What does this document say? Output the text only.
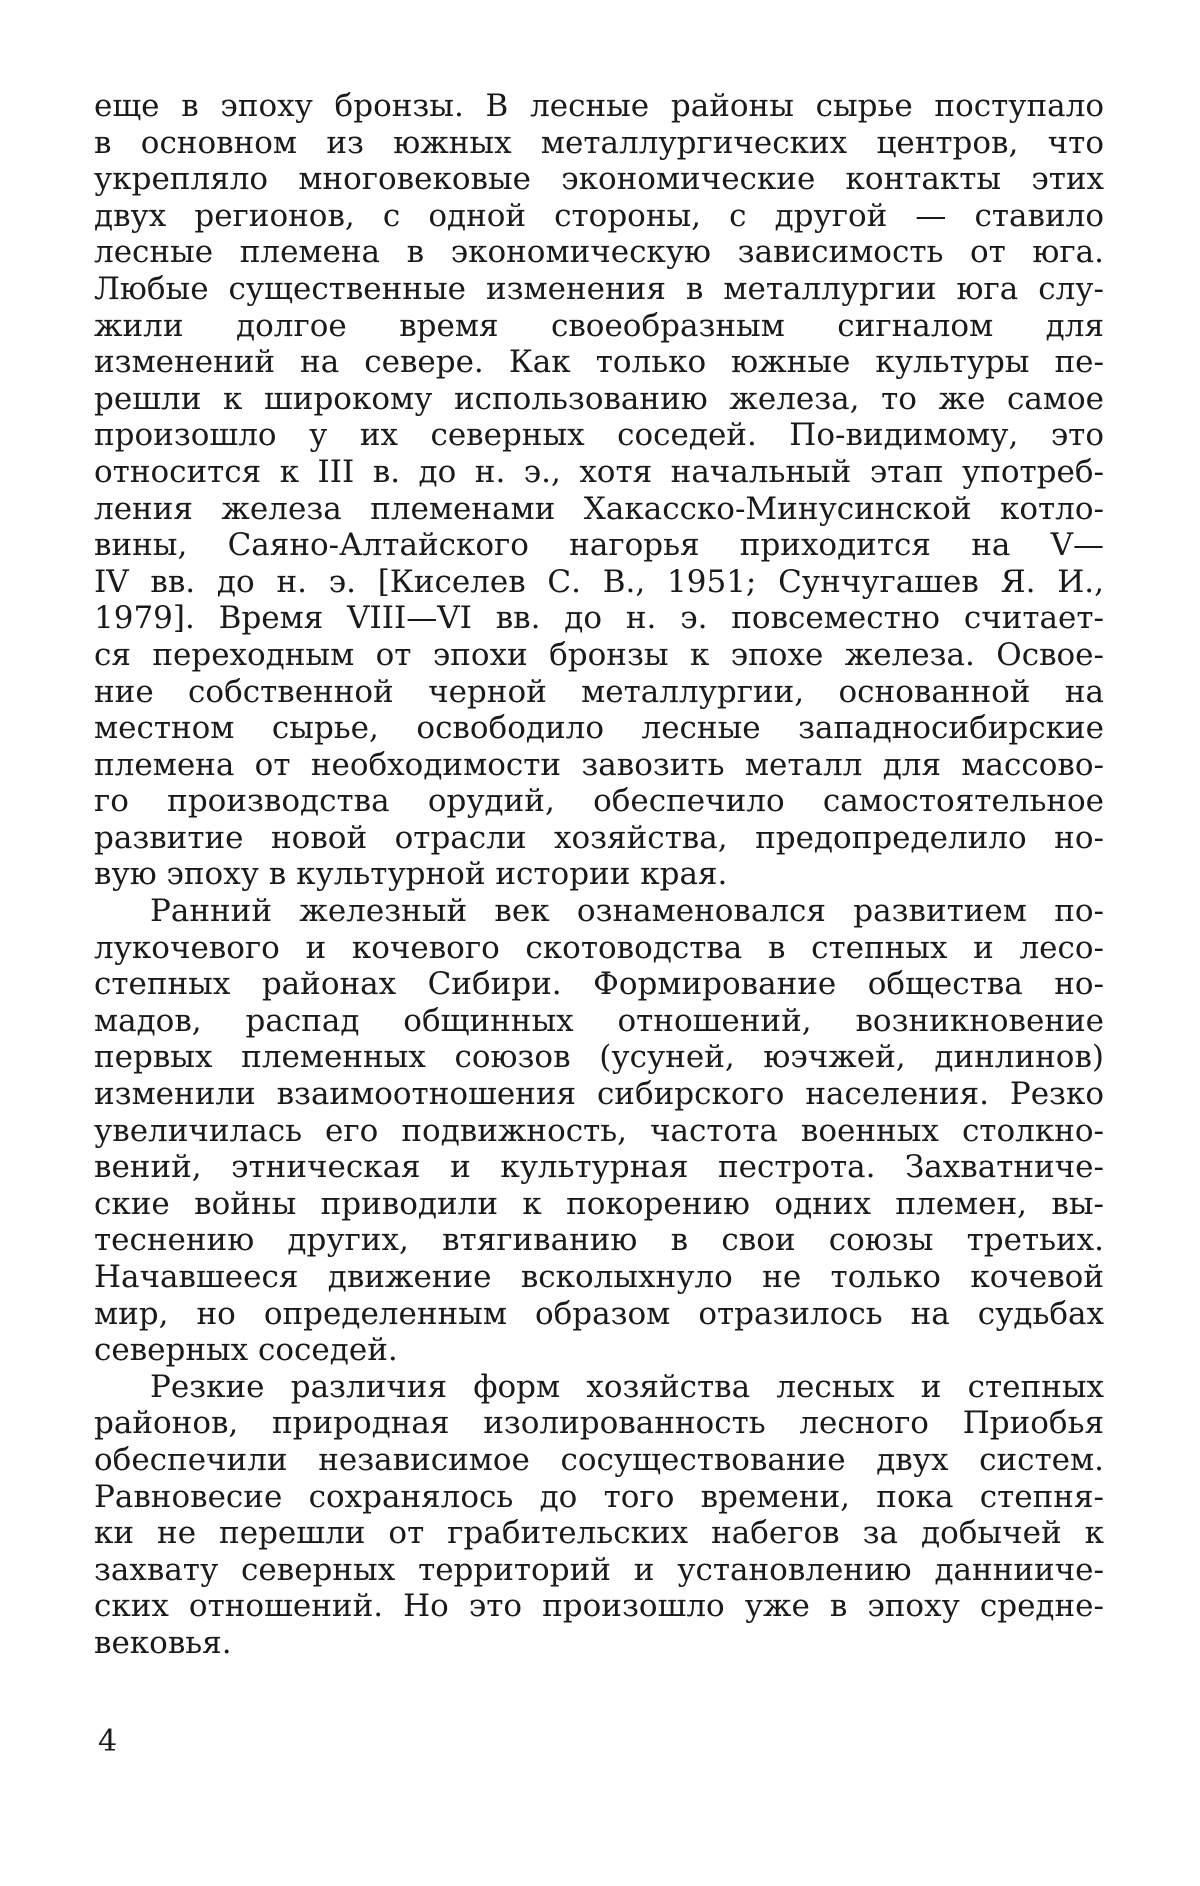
еще в эпоху бронзы. В лесные районы сырье поступало
в основном из южных металлургических центров, что
укрепляло многовековые экономические контакты этих
двух регионов, с одной стороны, с другой — ставило
лесные племена в экономическую зависимость от юга.
Любые существенные изменения в металлургии юга слу-
жили долгое время своеобразным сигналом для
изменений на севере. Как только южные культуры пе-
решли к широкому использованию железа, то же самое
произошло у их северных соседей. По-видимому, это
относится к III в. до н. э., хотя начальный этап употреб-
ления железа племенами Хакасско-Минусинской котло-
вины, Саяно-Алтайского нагорья приходится на V—
IV вв. до н. э. [Киселев С. В., 1951; Сунчугашев Я. И.,
1979]. Время VIII—VI вв. до н. э. повсеместно считает-
ся переходным от эпохи бронзы к эпохе железа. Освое-
ние собственной черной металлургии, основанной на
местном сырье, освободило лесные западносибирские
племена от необходимости завозить металл для массово-
го производства орудий, обеспечило самостоятельное
развитие новой отрасли хозяйства, предопределило но-
вую эпоху в культурной истории края.
Ранний железный век ознаменовался развитием по-
лукочевого и кочевого скотоводства в степных и лесо-
степных районах Сибири. Формирование общества но-
мадов, распад общинных отношений, возникновение
первых племенных союзов (усуней, юэчжей, динлинов)
изменили взаимоотношения сибирского населения. Резко
увеличилась его подвижность, частота военных столкно-
вений, этническая и культурная пестрота. Захватниче-
ские войны приводили к покорению одних племен, вы-
теснению других, втягиванию в свои союзы третьих.
Начавшееся движение всколыхнуло не только кочевой
мир, но определенным образом отразилось на судьбах
северных соседей.
Резкие различия форм хозяйства лесных и степных
районов, природная изолированность лесного Приобья
обеспечили независимое сосуществование двух систем.
Равновесие сохранялось до того времени, пока степня-
ки не перешли от грабительских набегов за добычей к
захвату северных территорий и установлению даннииче-
ских отношений. Но это произошло уже в эпоху средне-
вековья.
4
